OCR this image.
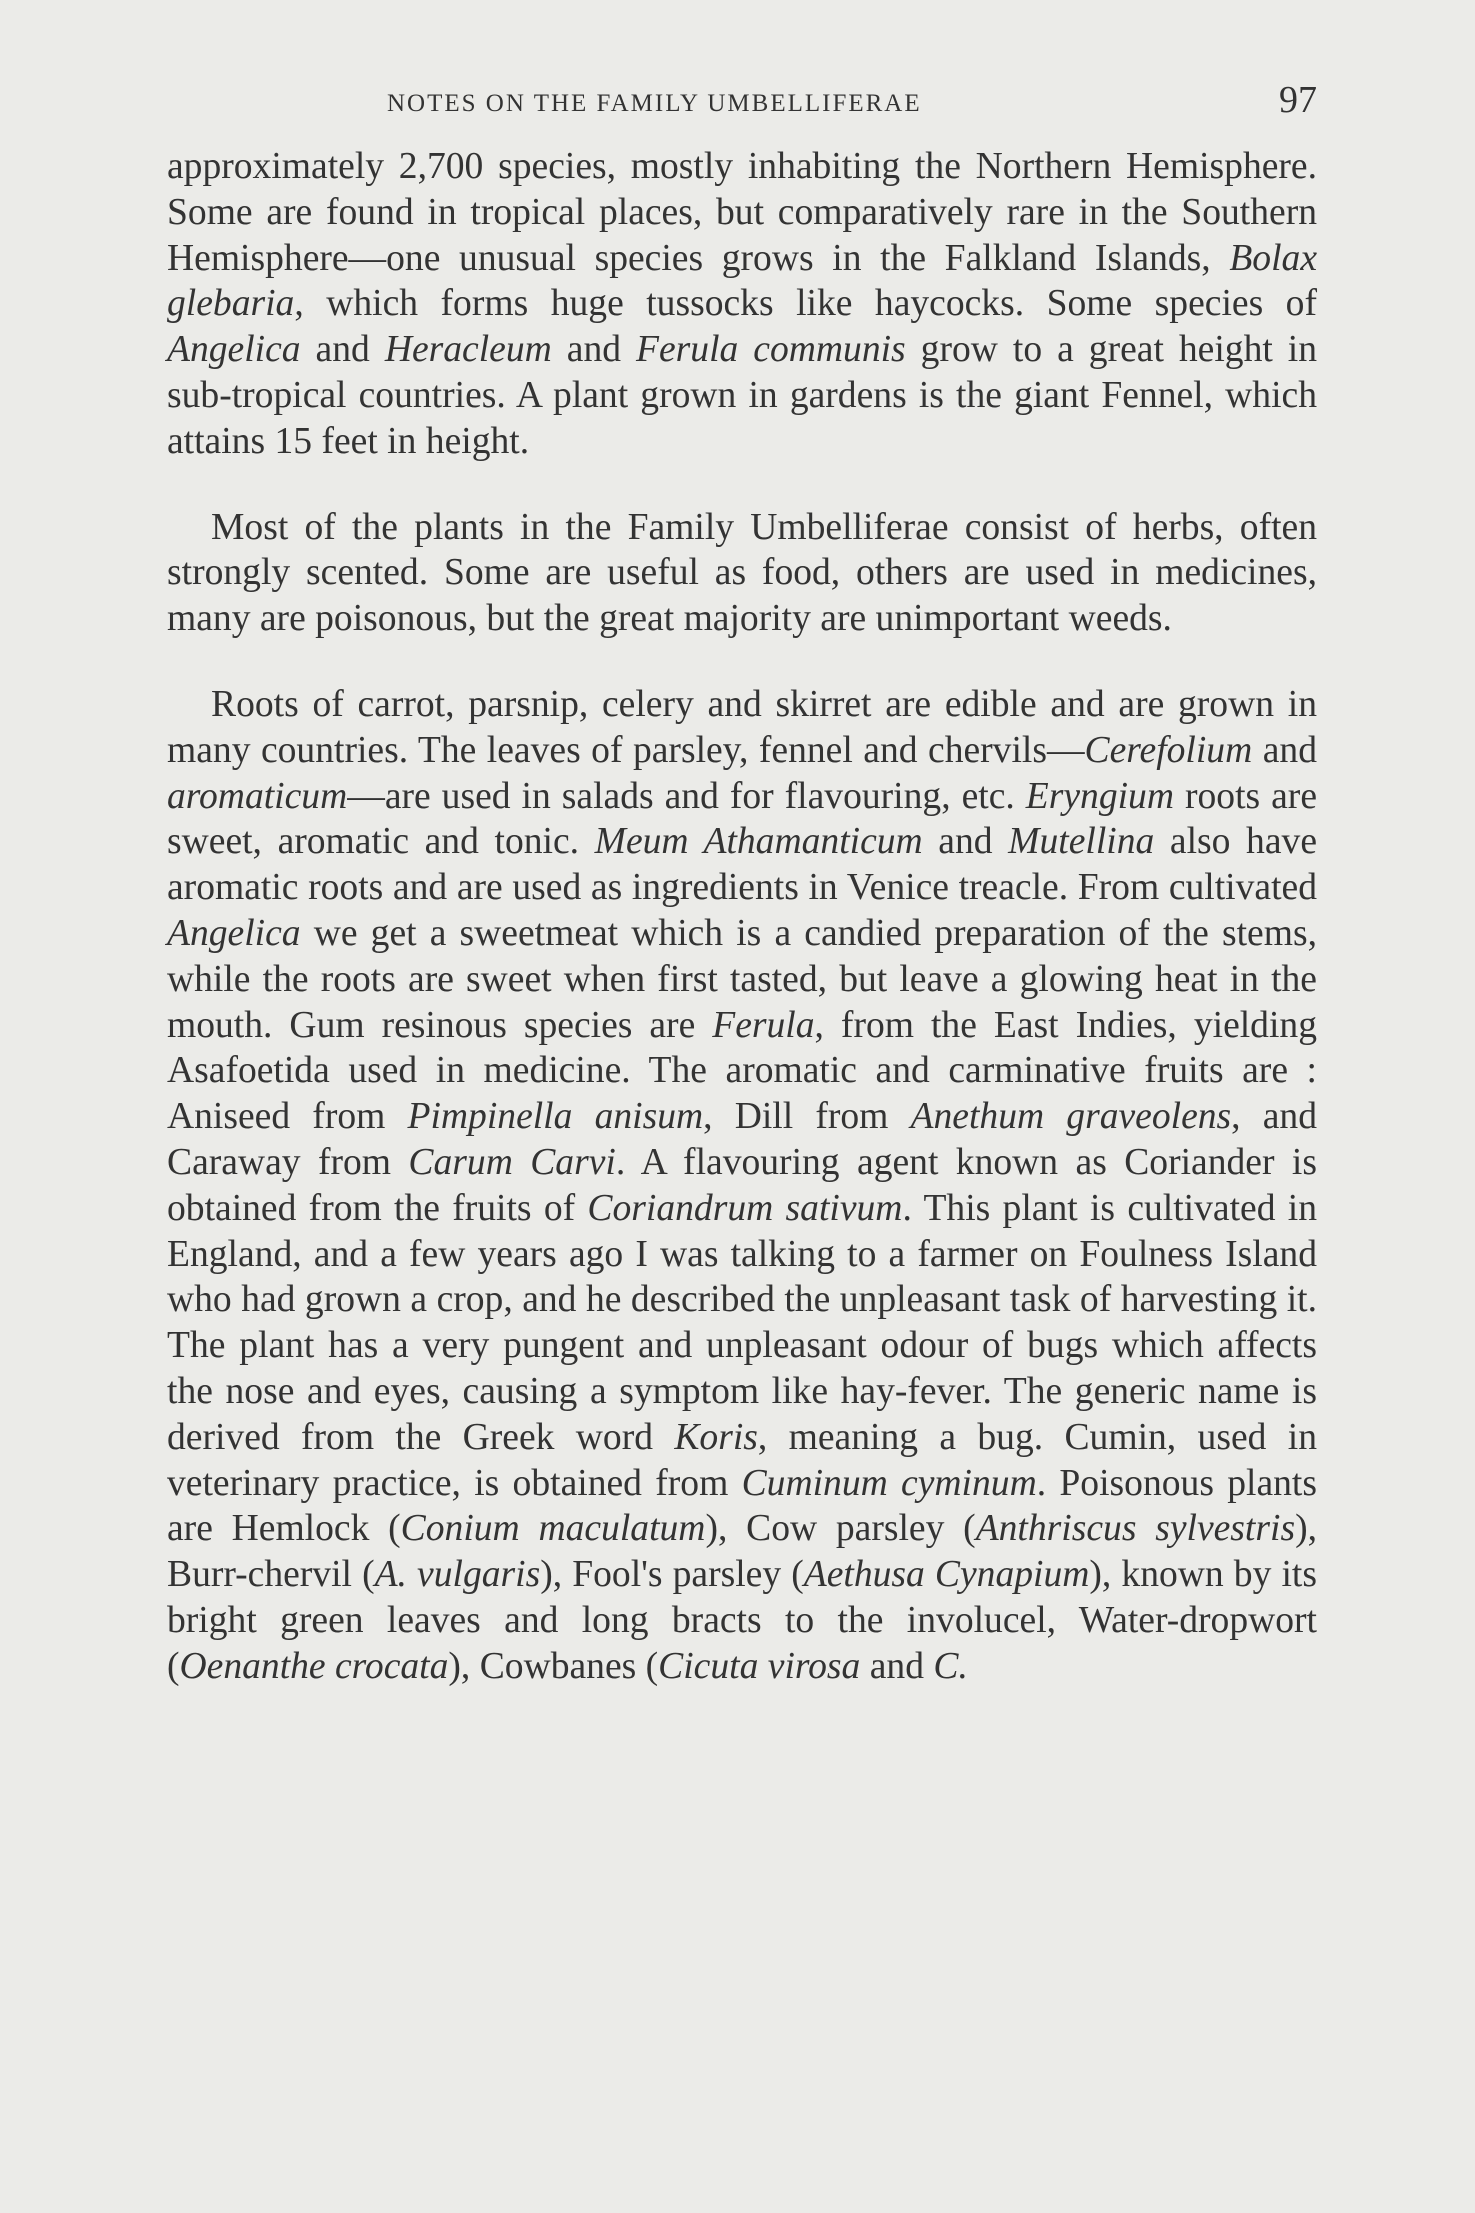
NOTES ON THE FAMILY UMBELLIFERAE	97

approximately 2,700 species, mostly inhabiting the Northern Hemisphere. Some are found in tropical places, but comparatively rare in the Southern Hemisphere—one unusual species grows in the Falkland Islands, Bolax glebaria, which forms huge tussocks like haycocks. Some species of Angelica and Heracleum and Ferula communis grow to a great height in sub-tropical countries. A plant grown in gardens is the giant Fennel, which attains 15 feet in height.

Most of the plants in the Family Umbelliferae consist of herbs, often strongly scented. Some are useful as food, others are used in medicines, many are poisonous, but the great majority are unimportant weeds.

Roots of carrot, parsnip, celery and skirret are edible and are grown in many countries. The leaves of parsley, fennel and chervils—Cerefolium and aromaticum—are used in salads and for flavouring, etc. Eryngium roots are sweet, aromatic and tonic. Meum Athamanticum and Mutellina also have aromatic roots and are used as ingredients in Venice treacle. From cultivated Angelica we get a sweetmeat which is a candied preparation of the stems, while the roots are sweet when first tasted, but leave a glowing heat in the mouth. Gum resinous species are Ferula, from the East Indies, yielding Asafoetida used in medicine. The aromatic and carminative fruits are : Aniseed from Pimpinella anisum, Dill from Anethum graveolens, and Caraway from Carum Carvi. A flavouring agent known as Coriander is obtained from the fruits of Coriandrum sativum. This plant is cultivated in England, and a few years ago I was talking to a farmer on Foulness Island who had grown a crop, and he described the unpleasant task of harvesting it. The plant has a very pungent and unpleasant odour of bugs which affects the nose and eyes, causing a symptom like hay-fever. The generic name is derived from the Greek word Koris, meaning a bug. Cumin, used in veterinary practice, is obtained from Cuminum cyminum. Poisonous plants are Hemlock (Conium maculatum), Cow parsley (Anthriscus sylvestris), Burr-chervil (A. vulgaris), Fool's parsley (Aethusa Cynapium), known by its bright green leaves and long bracts to the involucel, Water-dropwort (Oenanthe crocata), Cowbanes (Cicuta virosa and C.
